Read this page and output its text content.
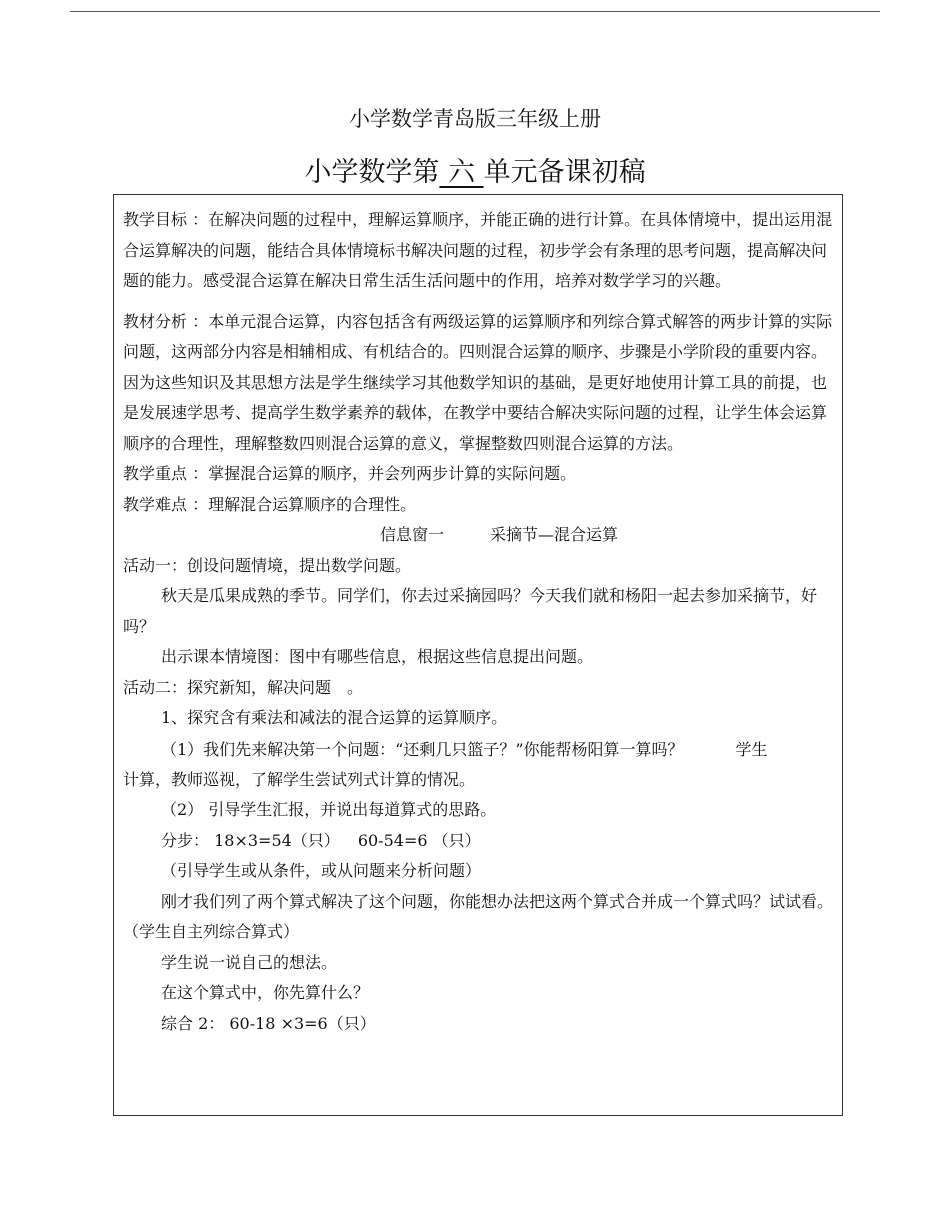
小学数学青岛版三年级上册
小学数学第 六 单元备课初稿

教学目标 ：在解决问题的过程中，理解运算顺序，并能正确的进行计算。在具体情境中，提出运用混合运算解决的问题，能结合具体情境标书解决问题的过程，初步学会有条理的思考问题，提高解决问题的能力。感受混合运算在解决日常生活生活问题中的作用，培养对数学学习的兴趣。

教材分析 ：本单元混合运算，内容包括含有两级运算的运算顺序和列综合算式解答的两步计算的实际问题，这两部分内容是相辅相成、有机结合的。四则混合运算的顺序、步骤是小学阶段的重要内容。因为这些知识及其思想方法是学生继续学习其他数学知识的基础，是更好地使用计算工具的前提，也是发展速学思考、提高学生数学素养的载体，在教学中要结合解决实际问题的过程，让学生体会运算顺序的合理性，理解整数四则混合运算的意义，掌握整数四则混合运算的方法。

教学重点 ：掌握混合运算的顺序，并会列两步计算的实际问题。

教学难点 ：理解混合运算顺序的合理性。

信息窗一	采摘节—混合运算

活动一：创设问题情境，提出数学问题。

秋天是瓜果成熟的季节。同学们，你去过采摘园吗？今天我们就和杨阳一起去参加采摘节，好吗？

出示课本情境图：图中有哪些信息，根据这些信息提出问题。

活动二：探究新知，解决问题　。

1、探究含有乘法和减法的混合运算的运算顺序。

（1）我们先来解决第一个问题：“还剩几只篮子？”你能帮杨阳算一算吗？	学生

计算，教师巡视，了解学生尝试列式计算的情况。

（2） 引导学生汇报，并说出每道算式的思路。

分步： 18×3=54（只） 60-54=6 （只）

（引导学生或从条件，或从问题来分析问题）

刚才我们列了两个算式解决了这个问题，你能想办法把这两个算式合并成一个算式吗？试试看。（学生自主列综合算式）

学生说一说自己的想法。

在这个算式中，你先算什么？

综合 2： 60-18 ×3=6（只）
